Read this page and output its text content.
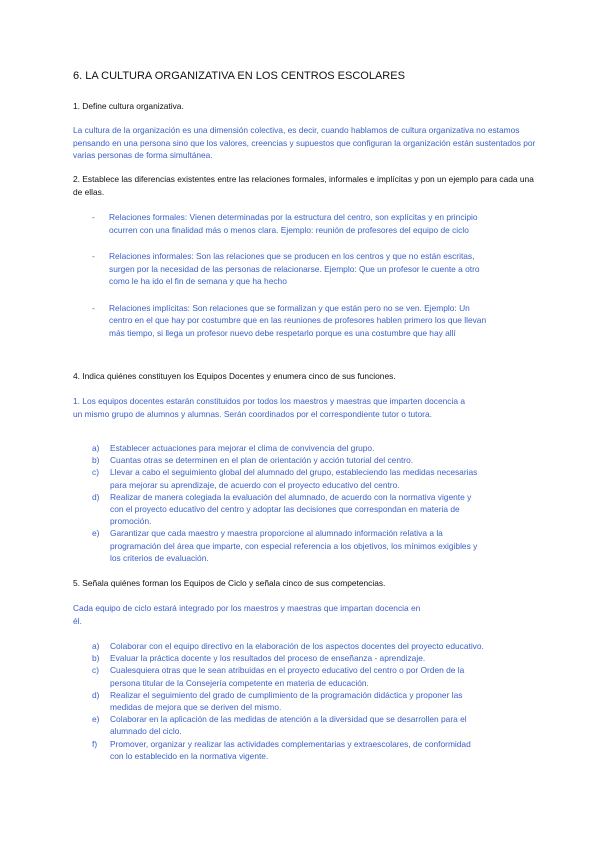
6. LA CULTURA ORGANIZATIVA EN LOS CENTROS ESCOLARES
1. Define cultura organizativa.
La cultura de la organización es una dimensión colectiva, es decir, cuando hablamos de cultura organizativa no estamos pensando en una persona sino que los valores, creencias y supuestos que configuran la organización están sustentados por varias personas de forma simultánea.
2. Establece las diferencias existentes entre las relaciones formales, informales e implícitas y pon un ejemplo para cada una de ellas.
- Relaciones formales: Vienen determinadas por la estructura del centro, son explícitas y en principio ocurren con una finalidad más o menos clara. Ejemplo: reunión de profesores del equipo de ciclo
- Relaciones informales: Son las relaciones que se producen en los centros y que no están escritas, surgen por la necesidad de las personas de relacionarse. Ejemplo: Que un profesor le cuente a otro como le ha ido el fin de semana y que ha hecho
- Relaciones implícitas: Son relaciones que se formalizan y que están pero no se ven. Ejemplo: Un centro en el que hay por costumbre que en las reuniones de profesores hablen primero los que llevan más tiempo, si llega un profesor nuevo debe respetarlo porque es una costumbre que hay allí
4. Indica quiénes constituyen los Equipos Docentes y enumera cinco de sus funciones.
1. Los equipos docentes estarán constituidos por todos los maestros y maestras que imparten docencia a un mismo grupo de alumnos y alumnas. Serán coordinados por el correspondiente tutor o tutora.
a)	Establecer actuaciones para mejorar el clima de convivencia del grupo.
b)	Cuantas otras se determinen en el plan de orientación y acción tutorial del centro.
c)	Llevar a cabo el seguimiento global del alumnado del grupo, estableciendo las medidas necesarias para mejorar su aprendizaje, de acuerdo con el proyecto educativo del centro.
d)	Realizar de manera colegiada la evaluación del alumnado, de acuerdo con la normativa vigente y con el proyecto educativo del centro y adoptar las decisiones que correspondan en materia de promoción.
e)	Garantizar que cada maestro y maestra proporcione al alumnado información relativa a la programación del área que imparte, con especial referencia a los objetivos, los mínimos exigibles y los criterios de evaluación.
5. Señala quiénes forman los Equipos de Ciclo y señala cinco de sus competencias.
Cada equipo de ciclo estará integrado por los maestros y maestras que impartan docencia en él.
a)	Colaborar con el equipo directivo en la elaboración de los aspectos docentes del proyecto educativo.
b)	Evaluar la práctica docente y los resultados del proceso de enseñanza - aprendizaje.
c)	Cualesquiera otras que le sean atribuidas en el proyecto educativo del centro o por Orden de la persona titular de la Consejería competente en materia de educación.
d)	Realizar el seguimiento del grado de cumplimiento de la programación didáctica y proponer las medidas de mejora que se deriven del mismo.
e)	Colaborar en la aplicación de las medidas de atención a la diversidad que se desarrollen para el alumnado del ciclo.
f)	Promover, organizar y realizar las actividades complementarias y extraescolares, de conformidad con lo establecido en la normativa vigente.
